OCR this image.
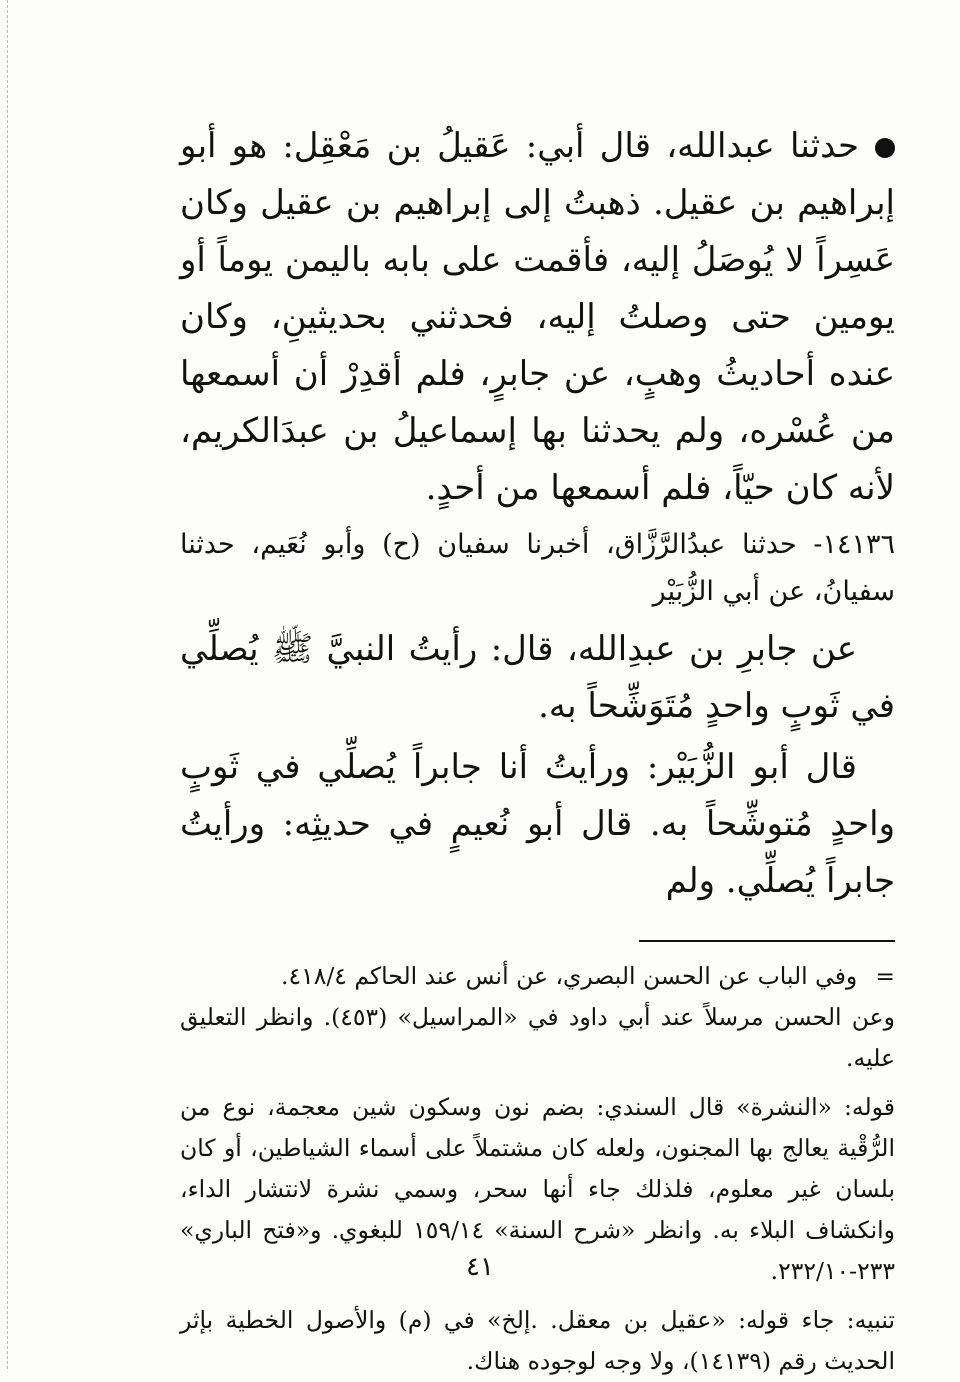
حدثنا عبدالله، قال أبي: عَقيلُ بن مَعْقِل: هو أبو إبراهيم بن عقيل. ذهبتُ إلى إبراهيم بن عقيل وكان عَسِراً لا يُوصَلُ إليه، فأقمت على بابه باليمن يوماً أو يومين حتى وصلتُ إليه، فحدثني بحديثينِ، وكان عنده أحاديثُ وهبٍ، عن جابرٍ، فلم أقدِرْ أن أسمعها من عُسْره، ولم يحدثنا بها إسماعيلُ بن عبدَالكريم، لأنه كان حيّاً، فلم أسمعها من أحدٍ.

١٤١٣٦- حدثنا عبدُالرَّزَّاق، أخبرنا سفيان (ح) وأبو نُعَيم، حدثنا سفيانُ، عن أبي الزُّبَيْر

عن جابرِ بن عبدِالله، قال: رأيتُ النبيَّ ﷺ يُصلِّي في ثَوبٍ واحدٍ مُتَوَشِّحاً به.

قال أبو الزُّبَيْر: ورأيتُ أنا جابراً يُصلِّي في ثَوبٍ واحدٍ مُتوشِّحاً به. قال أبو نُعيمٍ في حديثِه: ورأيتُ جابراً يُصلِّي. ولم

=وفي الباب عن الحسن البصري، عن أنس عند الحاكم ٤١٨/٤.

وعن الحسن مرسلاً عند أبي داود في «المراسيل» (٤٥٣). وانظر التعليق عليه.

قوله: «النشرة» قال السندي: بضم نون وسكون شين معجمة، نوع من الرُّقْية يعالج بها المجنون، ولعله كان مشتملاً على أسماء الشياطين، أو كان بلسان غير معلوم، فلذلك جاء أنها سحر، وسمي نشرة لانتشار الداء، وانكشاف البلاء به. وانظر «شرح السنة» ١٥٩/١٤ للبغوي. و«فتح الباري» ٢٣٣-٢٣٢/١٠.

تنبيه: جاء قوله: «عقيل بن معقل. .إلخ» في (م) والأصول الخطية بإثر الحديث رقم (١٤١٣٩)، ولا وجه لوجوده هناك.

٤١
